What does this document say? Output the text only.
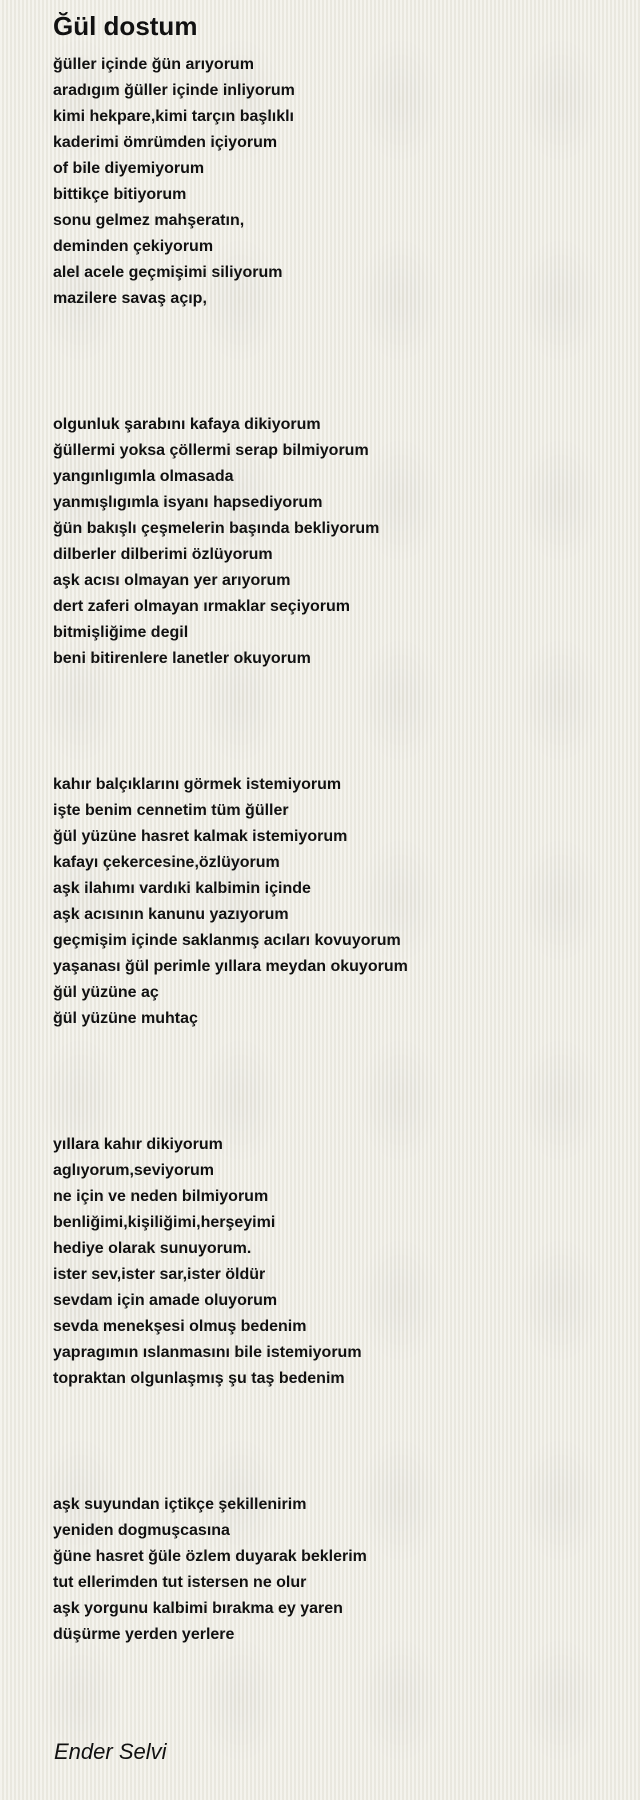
Ğül dostum
ğüller içinde ğün arıyorum
aradıgım ğüller içinde inliyorum
kimi hekpare,kimi tarçın başlıklı
kaderimi ömrümden içiyorum
of bile diyemiyorum
bittikçe bitiyorum
sonu gelmez mahşeratın,
deminden çekiyorum
alel acele geçmişimi siliyorum
mazilere savaş açıp,
olgunluk şarabını kafaya dikiyorum
ğüllermi yoksa çöllermi serap bilmiyorum
yangınlıgımla olmasada
yanmışlıgımla isyanı hapsediyorum
ğün bakışlı çeşmelerin başında bekliyorum
dilberler dilberimi özlüyorum
aşk acısı olmayan yer arıyorum
dert zaferi olmayan ırmaklar seçiyorum
bitmişliğime degil
beni bitirenlere lanetler okuyorum
kahır balçıklarını görmek istemiyorum
işte benim cennetim tüm ğüller
ğül yüzüne hasret kalmak istemiyorum
kafayı çekercesine,özlüyorum
aşk ilahımı vardıki kalbimin içinde
aşk acısının kanunu yazıyorum
geçmişim içinde saklanmış acıları kovuyorum
yaşanası ğül perimle yıllara meydan okuyorum
ğül yüzüne aç
ğül yüzüne muhtaç
yıllara kahır dikiyorum
aglıyorum,seviyorum
ne için ve neden bilmiyorum
benliğimi,kişiliğimi,herşeyimi
hediye olarak sunuyorum.
ister sev,ister sar,ister öldür
sevdam için amade oluyorum
sevda menekşesi olmuş bedenim
yapragımın ıslanmasını bile istemiyorum
topraktan olgunlaşmış şu taş bedenim
aşk suyundan içtikçe şekillenirim
yeniden dogmuşcasına
ğüne hasret ğüle özlem duyarak beklerim
tut ellerimden tut istersen ne olur
aşk yorgunu kalbimi bırakma ey yaren
düşürme yerden yerlere
Ender Selvi
